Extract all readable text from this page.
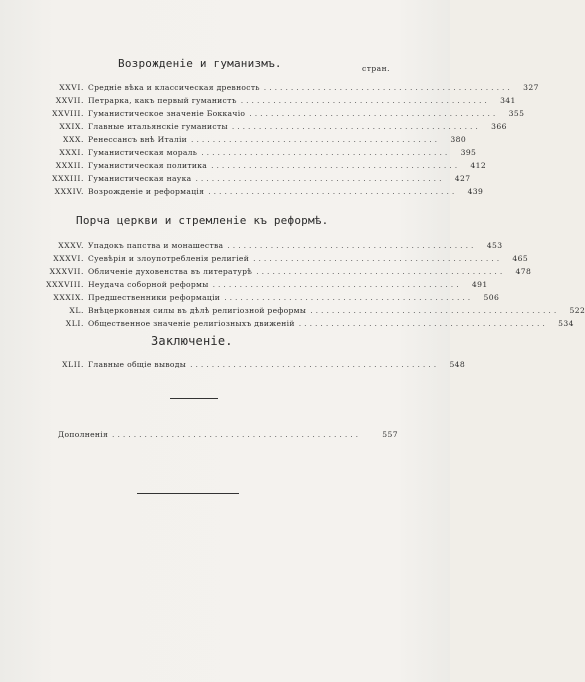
Возрожденіе и гуманизмъ.	стран.
XXVI. Средніе вѣка и классическая древность ..............................................	327
XXVII. Петрарка, какъ первый гуманистъ ..............................................	341
XXVIII. Гуманистическое значеніе Боккачіо ..............................................	355
XXIX. Главные итальянскіе гуманисты ..............................................	366
XXX. Ренессансъ внѣ Италіи ..............................................	380
XXXI. Гуманистическая мораль ..............................................	395
XXXII. Гуманистическая политика ..............................................	412
XXXIII. Гуманистическая наука ..............................................	427
XXXIV. Возрожденіе и реформація ..............................................	439
Порча церкви и стремленіе къ реформѣ.
XXXV. Упадокъ папства и монашества ..............................................	453
XXXVI. Суевѣрія и злоупотребленія религіей ..............................................	465
XXXVII. Обличеніе духовенства въ литературѣ ..............................................	478
XXXVIII. Неудача соборной реформы ..............................................	491
XXXIX. Предшественники реформаціи ..............................................	506
XL. Внѣцерковныя силы въ дѣлѣ религіозной реформы ..............................................	522
XLI. Общественное значеніе религіозныхъ движеній ..............................................	534
Заключеніе.
XLII. Главные общіе выводы ..............................................	548
Дополненія ..............................................	557
